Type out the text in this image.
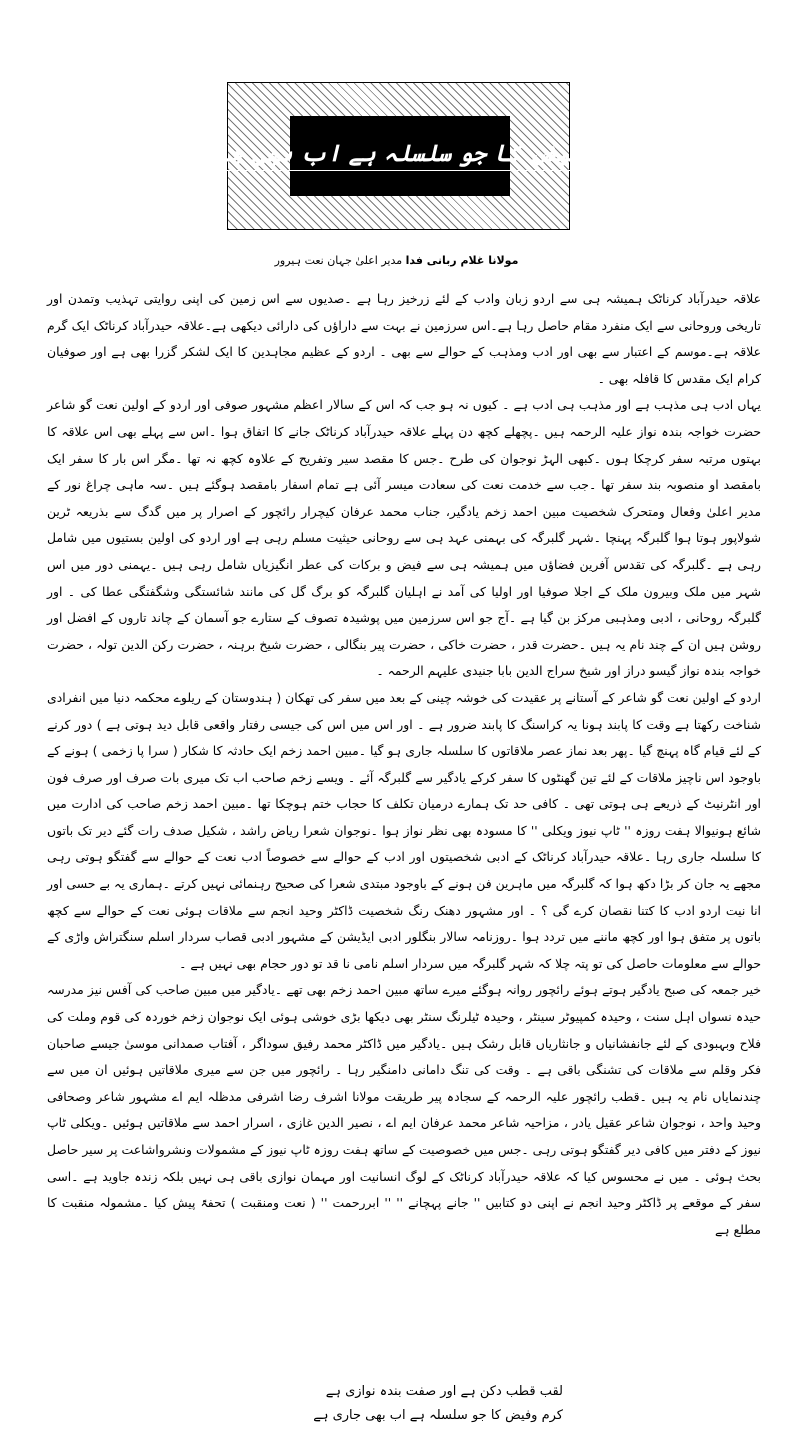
کرم وفیض کا جو سلسلہ ہے اب بھی جاری ہے
مولانا غلام ربانی فدا مدیر اعلیٰ جہان نعت ہیرور

علاقہ حیدرآباد کرناٹک ہمیشہ ہی سے اردو زبان وادب کے لئے زرخیز رہا ہے ۔صدیوں سے اس زمین کی اپنی روایتی تہذیب وتمدن اور تاریخی وروحانی سے ایک منفرد مقام حاصل رہا ہے۔اس سرزمین نے بہت سے داراؤں کی دارائی دیکھی ہے۔علاقہ حیدرآباد کرناٹک ایک گرم علاقہ ہے۔موسم کے اعتبار سے بھی اور ادب ومذہب کے حوالے سے بھی ۔ اردو کے عظیم مجاہدین کا ایک لشکر گزرا بھی ہے اور صوفیان کرام ایک مقدس کا قافلہ بھی ۔

یہاں ادب ہی مذہب ہے اور مذہب ہی ادب ہے ۔ کیوں نہ ہو جب کہ اس کے سالار اعظم مشہور صوفی اور اردو کے اولین نعت گو شاعر حضرت خواجہ بندہ نواز علیہ الرحمہ ہیں ۔پچھلے کچھ دن پہلے علاقہ حیدرآباد کرناٹک جانے کا اتفاق ہوا ۔اس سے پہلے بھی اس علاقہ کا بہتوں مرتبہ سفر کرچکا ہوں ۔کبھی الہڑ نوجوان کی طرح ۔جس کا مقصد سیر وتفریح کے علاوہ کچھ نہ تھا ۔مگر اس بار کا سفر ایک بامقصد او منصوبہ بند سفر تھا ۔جب سے خدمت نعت کی سعادت میسر آئی ہے تمام اسفار بامقصد ہوگئے ہیں ۔سہ ماہی چراغ نور کے مدیر اعلیٰ وفعال ومتحرک شخصیت مبین احمد زخم یادگیر، جناب محمد عرفان کیچرار رائچور کے اصرار پر میں گدگ سے بذریعہ ٹرین شولاپور ہوتا ہوا گلبرگہ پہنچا ۔شہر گلبرگہ کی بہمنی عہد ہی سے روحانی حیثیت مسلم رہی ہے اور اردو کی اولین بستیوں میں شامل رہی ہے ۔گلبرگہ کی تقدس آفرین فضاؤں میں ہمیشہ ہی سے فیض و برکات کی عطر انگیزیاں شامل رہی ہیں ۔یہمنی دور میں اس شہر میں ملک وبیرون ملک کے اجلا صوفیا اور اولیا کی آمد نے اہلیان گلبرگہ کو برگ گل کی مانند شائستگی وشگفتگی عطا کی ۔ اور گلبرگہ روحانی ، ادبی ومذہبی مرکز بن گیا ہے ۔آج جو اس سرزمین میں پوشیدہ تصوف کے ستارے جو آسمان کے چاند تاروں کے افضل اور روشن ہیں ان کے چند نام یہ ہیں ۔حضرت قدر ، حضرت خاکی ، حضرت پیر بنگالی ، حضرت شیخ برہنہ ، حضرت رکن الدین تولہ ، حضرت خواجہ بندہ نواز گیسو دراز اور شیخ سراج الدین بابا جنیدی علیہم الرحمہ ۔

اردو کے اولین نعت گو شاعر کے آستانے پر عقیدت کی خوشہ چینی کے بعد میں سفر کی تھکان ( ہندوستان کے ریلوے محکمہ دنیا میں انفرادی شناخت رکھتا ہے وقت کا پابند ہونا یہ کراسنگ کا پابند ضرور ہے ۔ اور اس میں اس کی جیسی رفتار واقعی قابل دید ہوتی ہے ) دور کرنے کے لئے قیام گاہ پہنچ گیا ۔پھر بعد نماز عصر ملاقاتوں کا سلسلہ جاری ہو گیا ۔مبین احمد زخم ایک حادثہ کا شکار ( سرا پا زخمی ) ہونے کے باوجود اس ناچیز ملاقات کے لئے تین گھنٹوں کا سفر کرکے یادگیر سے گلبرگہ آئے ۔ ویسے زخم صاحب اب تک میری بات صرف اور صرف فون اور انٹرنیٹ کے ذریعے ہی ہوتی تھی ۔ کافی حد تک ہمارے درمیان تکلف کا حجاب ختم ہوچکا تھا ۔مبین احمد زخم صاحب کی ادارت میں شائع ہونیوالا ہفت روزہ '' ٹاپ نیوز ویکلی '' کا مسودہ بھی نظر نواز ہوا ۔نوجوان شعرا ریاض راشد ، شکیل صدف رات گئے دیر تک باتوں کا سلسلہ جاری رہا ۔علاقہ حیدرآباد کرناٹک کے ادبی شخصیتوں اور ادب کے حوالے سے خصوصاً ادب نعت کے حوالے سے گفتگو ہوتی رہی مجھے یہ جان کر بڑا دکھ ہوا کہ گلبرگہ میں ماہرین فن ہونے کے باوجود مبتدی شعرا کی صحیح رہنمائی نہیں کرتے ۔ہماری یہ بے حسی اور انا نیت اردو ادب کا کتنا نقصان کرے گی ؟ ۔ اور مشہور دھنک رنگ شخصیت ڈاکٹر وحید انجم سے ملاقات ہوئی نعت کے حوالے سے کچھ باتوں پر متفق ہوا اور کچھ ماننے میں تردد ہوا ۔روزنامہ سالار بنگلور ادبی ایڈیشن کے مشہور ادبی قصاب سردار اسلم سنگتراش واڑی کے حوالے سے معلومات حاصل کی تو پتہ چلا کہ شہر گلبرگہ میں سردار اسلم نامی نا قد تو دور حجام بھی نہیں ہے ۔

خیر جمعہ کی صبح یادگیر ہوتے ہوئے رائچور روانہ ہوگئے میرے ساتھ مبین احمد زخم بھی تھے ۔یادگیر میں مبین صاحب کی آفس نیز مدرسہ حیدہ نسواں اہل سنت ، وحیدہ کمپیوٹر سینٹر ، وحیدہ ٹیلرنگ سنٹر بھی دیکھا بڑی خوشی ہوئی ایک نوجوان زخم خوردہ کی قوم وملت کی فلاح وبہبودی کے لئے جانفشانیاں و جانثاریاں قابل رشک ہیں ۔یادگیر میں ڈاکٹر محمد رفیق سوداگر ، آفتاب صمدانی موسیٰ جیسے صاحبان فکر وقلم سے ملاقات کی تشنگی باقی ہے ۔ وقت کی تنگ دامانی دامنگیر رہا ۔ رائچور میں جن سے میری ملاقاتیں ہوئیں ان میں سے چندنمایاں نام یہ ہیں ۔قطب رائچور علیہ الرحمہ کے سجادہ پیر طریقت مولانا اشرف رضا اشرفی مدظلہ ایم اے مشہور شاعر وصحافی وحید واحد ، نوجوان شاعر عقیل یادر ، مزاحیہ شاعر محمد عرفان ایم اے ، نصیر الدین غازی ، اسرار احمد سے ملاقاتیں ہوئیں ۔ویکلی ٹاپ نیوز کے دفتر میں کافی دیر گفتگو ہوتی رہی ۔جس میں خصوصیت کے ساتھ ہفت روزہ ٹاپ نیوز کے مشمولات ونشرواشاعت پر سیر حاصل بحث ہوئی ۔ میں نے محسوس کیا کہ علاقہ حیدرآباد کرناٹک کے لوگ انسانیت اور مہمان نوازی باقی ہی نہیں بلکہ زندہ جاوید ہے ۔اسی سفر کے موقعے پر ڈاکٹر وحید انجم نے اپنی دو کتابیں '' جانے پہچانے '' '' ابررحمت '' ( نعت ومنقبت ) تحفۃً پیش کیا ۔مشمولہ منقبت کا مطلع ہے

لقب قطب دکن ہے اور صفت بندہ نوازی ہے
کرم وفیض کا جو سلسلہ ہے اب بھی جاری ہے
